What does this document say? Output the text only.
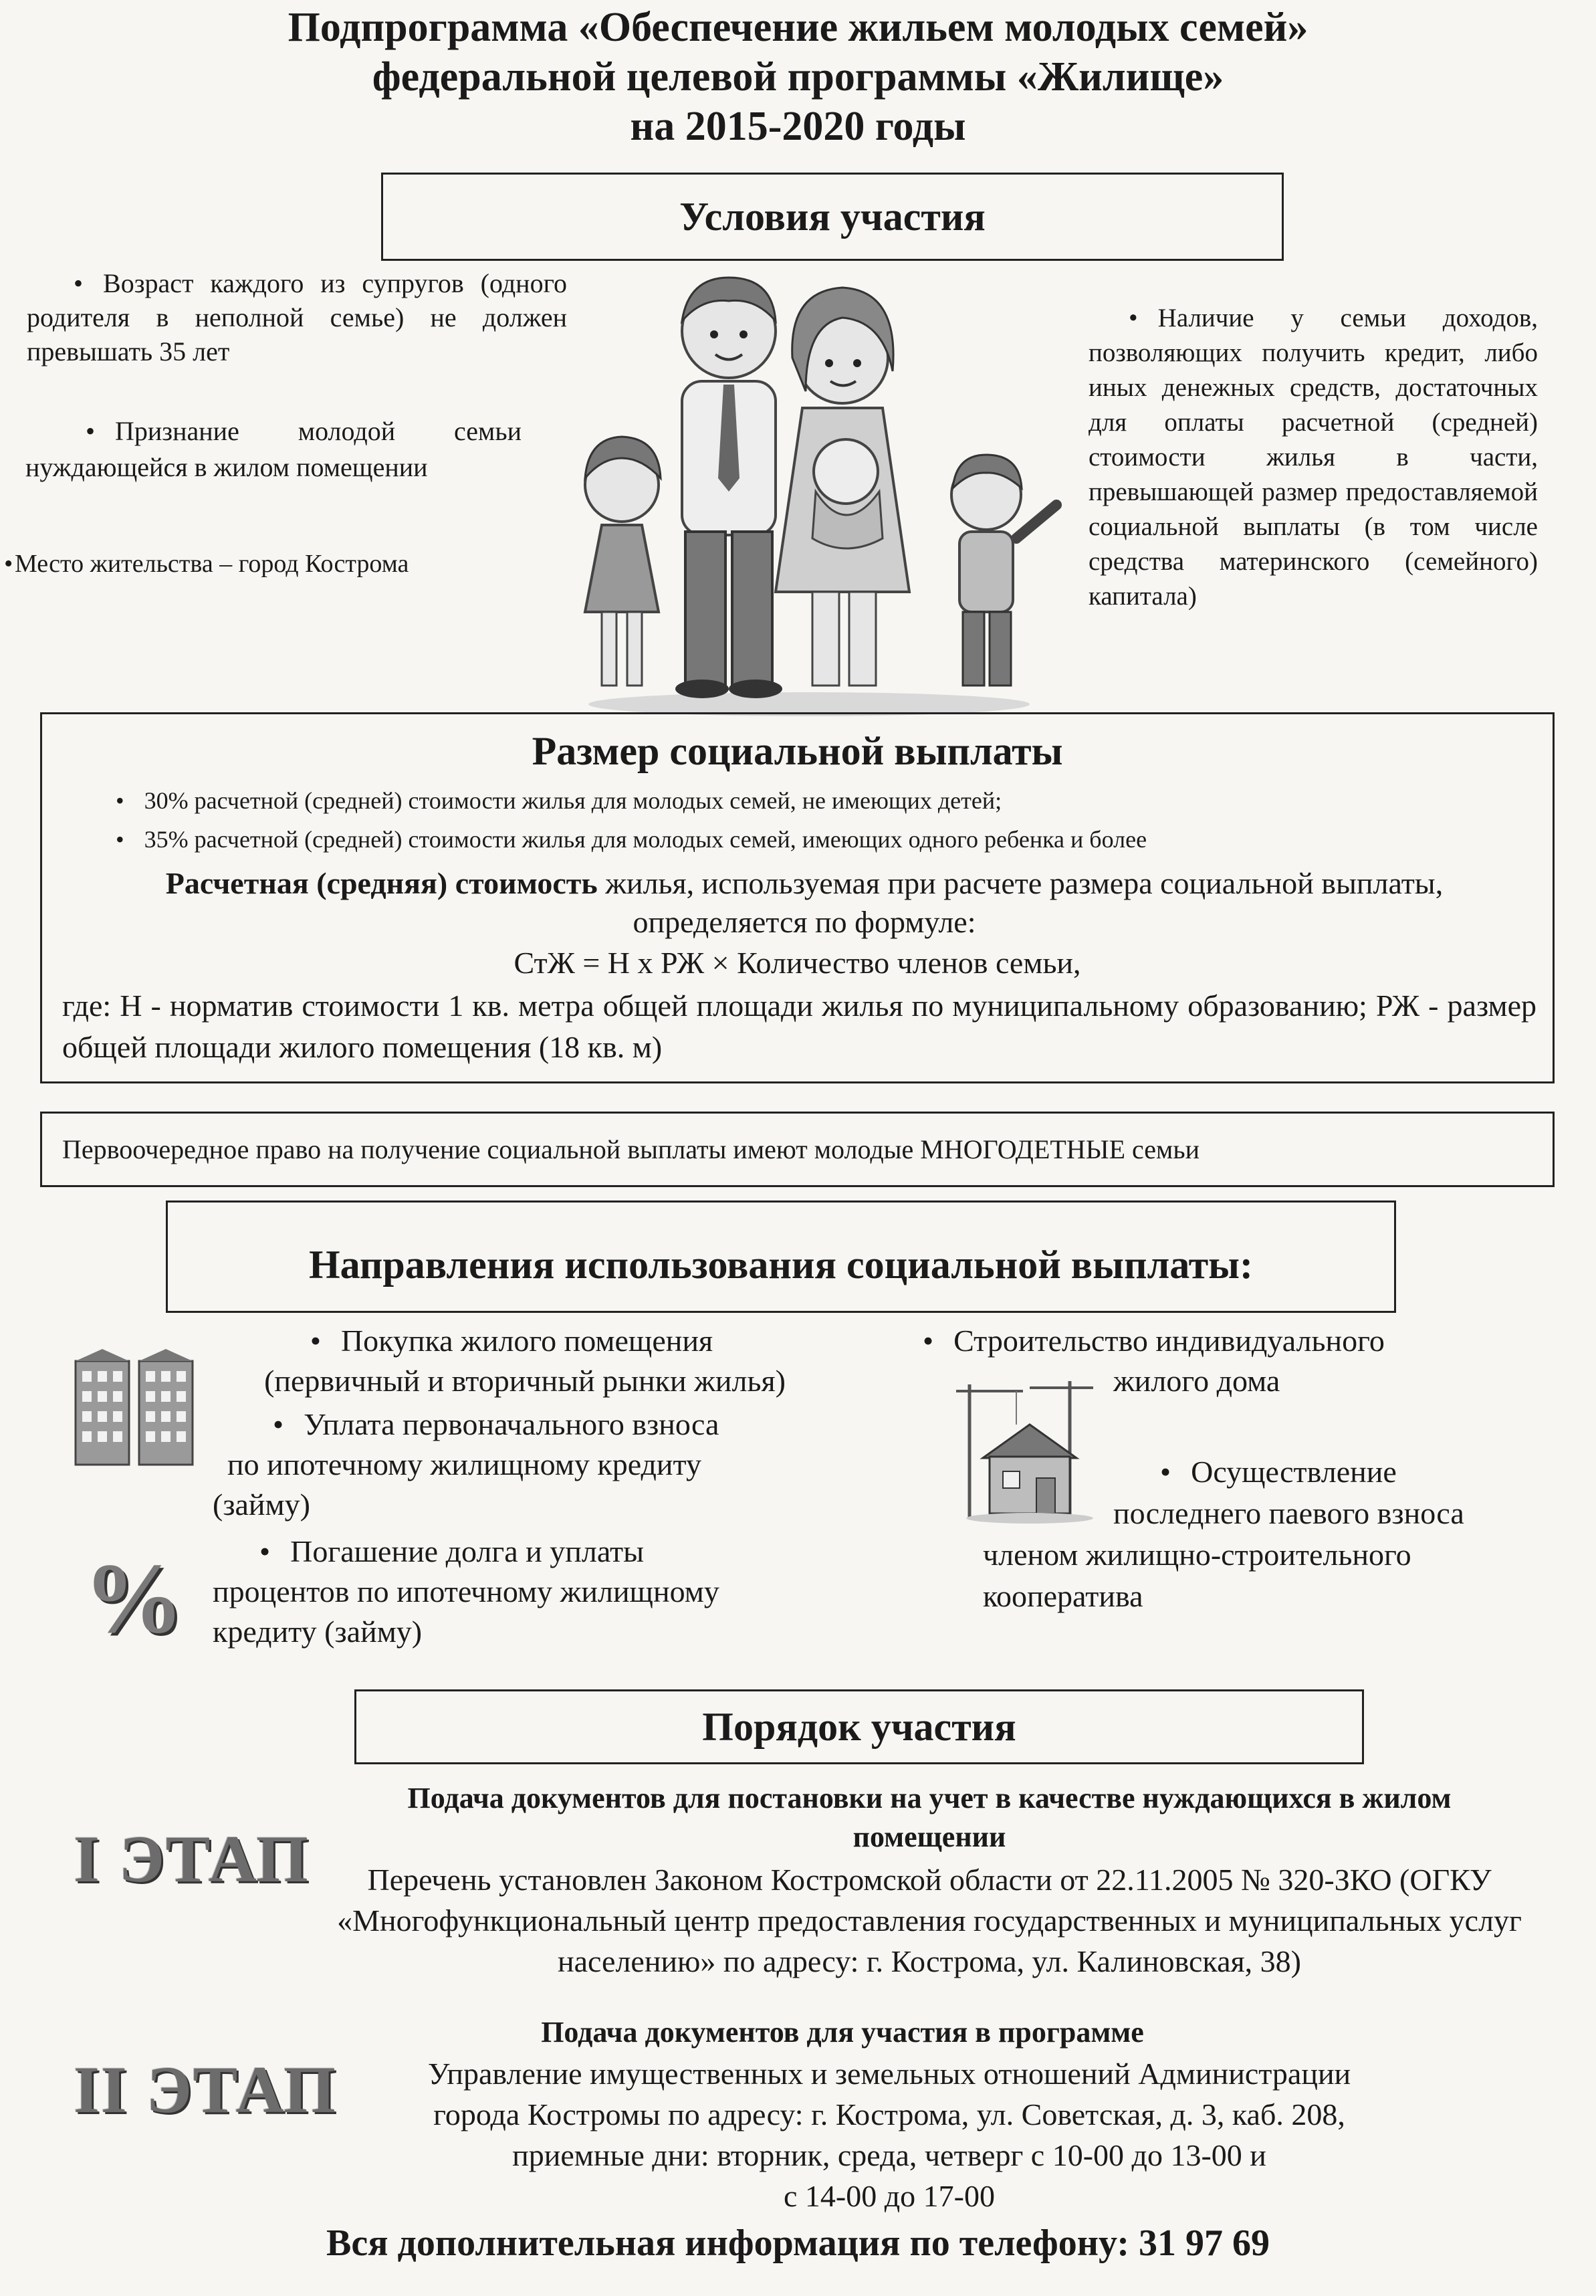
Подпрограмма «Обеспечение жильем молодых семей»
федеральной целевой программы «Жилище»
на 2015-2020 годы
Условия участия
• Возраст каждого из супругов (одного родителя в неполной семье) не должен превышать 35 лет
• Признание молодой семьи нуждающейся в жилом помещении
Место жительства – город Кострома
•
• Наличие у семьи доходов, позволяющих получить кредит, либо иных денежных средств, достаточных для оплаты расчетной (средней) стоимости жилья в части, превышающей размер предоставляемой социальной выплаты (в том числе средства материнского (семейного) капитала)
Размер социальной выплаты
• 30% расчетной (средней) стоимости жилья для молодых семей, не имеющих детей;
• 35% расчетной (средней) стоимости жилья для молодых семей, имеющих одного ребенка и более
Расчетная (средняя) стоимость жилья, используемая при расчете размера социальной выплаты, определяется по формуле:
СтЖ = Н х РЖ × Количество членов семьи,
где: Н - норматив стоимости 1 кв. метра общей площади жилья по муниципальному образованию; РЖ - размер общей площади жилого помещения (18 кв. м)
Первоочередное право на получение социальной выплаты имеют молодые МНОГОДЕТНЫЕ семьи
Направления использования социальной выплаты:
%
• Покупка жилого помещения
(первичный и вторичный рынки жилья)
• Уплата первоначального взноса
по ипотечному жилищному кредиту
(займу)
• Погашение долга и уплаты
процентов по ипотечному жилищному
кредиту (займу)
• Строительство индивидуального
жилого дома
• Осуществление
последнего паевого взноса
членом жилищно-строительного
кооператива
Порядок участия
I ЭТАП
Подача документов для постановки на учет в качестве нуждающихся в жилом помещении
Перечень установлен Законом Костромской области от 22.11.2005 № 320-ЗКО (ОГКУ «Многофункциональный центр предоставления государственных и муниципальных услуг населению» по адресу: г. Кострома, ул. Калиновская, 38)
II ЭТАП
Подача документов для участия в программе
Управление имущественных и земельных отношений Администрации
города Костромы по адресу: г. Кострома, ул. Советская, д. 3, каб. 208,
приемные дни: вторник, среда, четверг с 10-00 до 13-00 и
с 14-00 до 17-00
Вся дополнительная информация по телефону: 31 97 69
